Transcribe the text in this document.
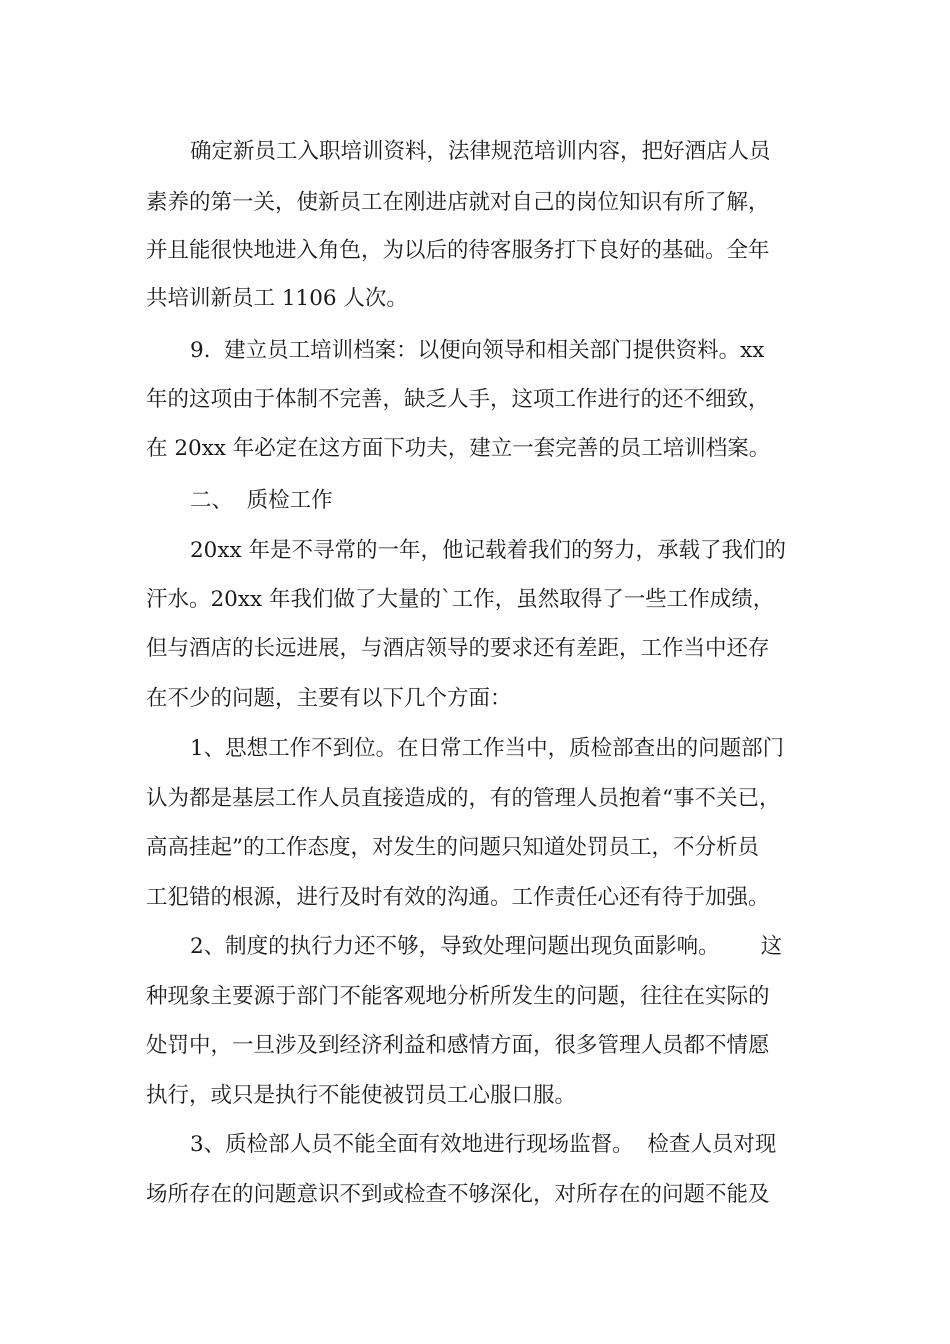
确定新员工入职培训资料，法律规范培训内容，把好酒店人员
素养的第一关，使新员工在刚进店就对自己的岗位知识有所了解，
并且能很快地进入角色，为以后的待客服务打下良好的基础。全年
共培训新员工 1106 人次。
9.  建立员工培训档案：以便向领导和相关部门提供资料。xx
年的这项由于体制不完善，缺乏人手，这项工作进行的还不细致，
在 20xx 年必定在这方面下功夫，建立一套完善的员工培训档案。
二、  质检工作
20xx 年是不寻常的一年，他记载着我们的努力，承载了我们的
汗水。20xx 年我们做了大量的`工作，虽然取得了一些工作成绩，
但与酒店的长远进展，与酒店领导的要求还有差距，工作当中还存
在不少的问题，主要有以下几个方面：
1、思想工作不到位。在日常工作当中，质检部查出的问题部门
认为都是基层工作人员直接造成的，有的管理人员抱着“事不关已，
高高挂起”的工作态度，对发生的问题只知道处罚员工，不分析员
工犯错的根源，进行及时有效的沟通。工作责任心还有待于加强。
2、制度的执行力还不够，导致处理问题出现负面影响。      这
种现象主要源于部门不能客观地分析所发生的问题，往往在实际的
处罚中，一旦涉及到经济利益和感情方面，很多管理人员都不情愿
执行，或只是执行不能使被罚员工心服口服。
3、质检部人员不能全面有效地进行现场监督。  检查人员对现
场所存在的问题意识不到或检查不够深化，对所存在的问题不能及
